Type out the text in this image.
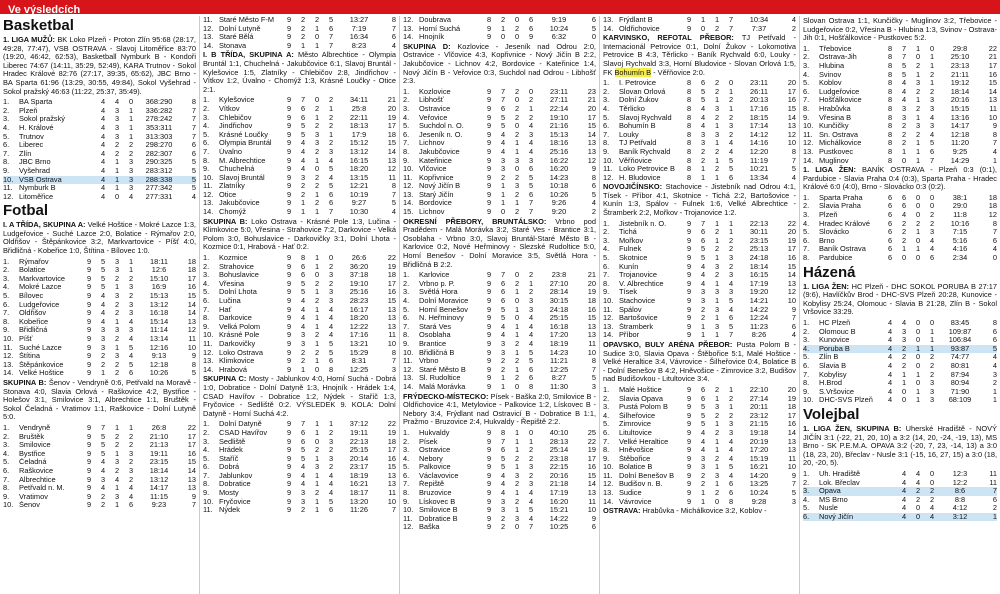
Ve výsledcích
Basketbal
1. LIGA MUŽŮ: BK Loko Plzeň - Proton Zlín 95:68 (28:17, 49:28, 77:47), VSB OSTRAVA - Slavoj Litoměřice 83:70 (19:20, 46:42, 62:53), Basketball Nymburk B - Kondoři Liberec 74:67 (14:11, 35:29, 52:49), KARA Trutnov - Sokol Hradec Králové 82:76 (27:17, 39:35, 65:62), JBC Brno - BA Sparta 61:96 (13:29, 30:55, 49:84), Sokol Vyšehrad - Sokol pražský 46:63 (11:22, 25:37, 35:49).
1.	BA Sparta	4	4	0	368:290	8
2.	Plzeň	4	3	1	336:282	7
3.	Sokol pražský	4	3	1	278:242	7
4.	H. Králové	4	3	1	353:311	7
5.	Trutnov	4	3	1	313:303	7
6.	Liberec	4	2	2	298:270	6
7.	Zlín	4	2	2	282:307	6
8.	JBC Brno	4	1	3	290:325	5
9.	Vyšehrad	4	1	3	283:312	5
10. VSB Ostrava	4	1	3	288:338	5
11. Nymburk B	4	1	3	277:342	5
12. Litoměřice	4	0	4	277:331	4
Fotbal
I. A TŘÍDA, SKUPINA A: Velké Hoštice - Mokré Lazce 1:3, Ludgeřovice - Suché Lazce 2:0, Bolatice - Rýmařov 2:0, Oldřišov - Štěpánkovice 3:2, Markvartovice - Píšť 4:0, Břidličná - Kobeřice 1:0, Štítina - Bílovec 1:0.
1.	Rýmařov	9	5	3	1	18:11	18
2.	Bolatice	9	5	3	1	12:6	18
3.	Markvartovice	9	5	2	2	15:10	17
4.	Mokré Lazce	9	5	1	3	16:9	16
5.	Bílovec	9	4	3	2	15:13	15
6.	Ludgeřovice	9	4	2	3	13:12	14
7.	Oldřišov	9	4	2	3	16:18	14
8.	Kobeřice	9	4	1	4	15:14	13
9.	Břidličná	9	3	3	3	11:14	12
10. Píšť	9	3	2	4	13:14	11
11. Suché Lazce	9	3	1	5	12:16	10
12. Štítina	9	2	3	4	9:13	9
13. Štěpánkovice	9	2	2	5	12:18	8
14. Velké Hoštice	9	1	2	6	10:26	5
SKUPINA B: Šenov - Vendryně 0:6, Petřvald na Moravě - Stonava 4:0, Slavia Orlová - Raškovice 4:2, Bystřice - Holešov 3:1, Smilovice 3:1, Albrechtice 1:1, Bruštěk - Sokol Čeladná - Vratimov 1:1, Raškovice - Dolní Lutyně 5:0.
1.	Vendryně	9	7	1	1	26:8	22
2.	Bruštěk	9	5	2	2	21:10	17
3.	Smilovice	9	5	2	2	21:13	17
4.	Bystřice	9	5	1	3	19:11	16
5.	Čeladná	9	4	3	2	23:15	15
6.	Raškovice	9	4	2	3	18:14	14
7.	Albrechtice	9	3	4	2	13:12	13
8.	Petřvald n. M.	9	4	1	4	14:17	13
9.	Vratimov	9	2	3	4	11:15	9
10. Šenov	9	2	1	6	9:23	7
11. Staré Město F-M	9	2	2	5	13:27	8
12. Dolní Lutyně	9	2	1	6	7:19	7
13. Staré Bělá	9	2	0	7	16:34	6
14. Stonava	9	1	1	7	8:23	4
I. B TŘÍDA, SKUPINA A: Město Albrechtice - Olympia Bruntál 1:1, Chuchelná - Jakubčovice 6:1, Slavoj Bruntál - Kylešovice 1:5, Zlatníky - Chlebičov 2:8, Jindřichov - Vítkov 1:2, Úvalno - Chomýž 1:3, Krásné Loučky - Otice 2:1.
1.	Kylešovice	9	7	0	2	34:11	21
2.	Vítkov	9	6	2	1	25:8	20
3.	Chlebičov	9	6	1	2	22:11	19
4.	Jindřichov	9	5	2	2	18:13	17
5.	Krásné Loučky	9	5	3	1	17:9	18
6.	Olympia Bruntál	9	4	3	2	15:12	15
7.	Úvalno	9	4	2	3	13:12	14
8.	M. Albrechtice	9	4	1	4	16:15	13
9.	Chuchelná	9	4	0	5	18:20	12
10. Slavoj Bruntál	9	3	2	4	13:15	11
11. Zlatníky	9	2	2	5	12:21	8
12. Otice	9	2	1	6	10:19	7
13. Jakubčovice	9	1	2	6	9:27	5
14. Chomýž	9	1	1	7	10:30	4
SKUPINA B: Loko Ostrava - Krásné Pole 1:3, Lučina - Klimkovice 5:0, Vřesina - Strahovice 7:2, Darkovice - Velká Polom 3:0, Bohuslavice - Darkovičky 3:1, Dolní Lhota - Kozmice 0:1, Hrabová - Hať 0:2.
1.	Kozmice	9	8	1	0	26:6	22
2.	Strahovice	9	6	1	2	36:20	19
3.	Bohuslavice	9	6	0	3	37:18	18
4.	Vřesina	9	5	2	2	19:10	17
5.	Dolní Lhota	9	5	1	3	25:16	16
6.	Lučina	9	4	2	3	28:23	15
7.	Hať	9	4	1	4	16:17	13
8.	Darkovice	9	4	1	4	18:20	13
9.	Velká Polom	9	4	1	4	12:22	13
10. Krásné Pole	9	3	2	4	17:16	11
11. Darkovičky	9	3	1	5	13:21	10
12. Loko Ostrava	9	2	2	5	15:29	8
13. Klimkovice	9	2	1	6	8:31	7
14. Hrabová	9	1	0	8	12:25	3
SKUPINA C: Mosty - Jablunkov 4:0, Horní Suchá - Dobrá 1:0, Dobratice - Dolní Datyně 1:3, Hnojník - Hrádek 1:4, CSAD Havířov - Dobratice 1:2, Nýdek - Staříč 1:3, Fryčovice - Sedliště 0:2. VÝSLEDEK 9. KOLA: Dolní Datyně - Horní Suchá 4:2.
1.	Dolní Datyně	9	7	1	1	37:12	22
2.	CSAD Havířov	9	6	1	2	19:11	19
3.	Sedliště	9	6	0	3	22:13	18
4.	Hrádek	9	5	2	2	25:15	17
5.	Staříč	9	5	1	3	20:14	16
6.	Dobrá	9	4	3	2	23:17	15
7.	Jablunkov	9	4	1	4	18:19	13
8.	Dobratice	9	4	1	4	16:21	13
9.	Mosty	9	3	2	4	18:17	11
10. Fryčovice	9	3	1	5	13:20	10
11. Nýdek	9	2	1	6	11:26	7
12. Doubrava	8	2	0	6	9:19	6
13. Horní Suchá	9	1	2	6	10:24	5
14. Hnojník	9	0	0	9	6:32	0
SKUPINA D: Kozlovice - Jeseník nad Odrou 2:0, Ostravice - Vlčovice 4:3, Kopřivnice - Nový Jičín B 2:2, Jakubčovice - Lichnov 4:2, Bordovice - Kateřinice 1:4, Nový Jičín B - Veřovice 0:3, Suchdol nad Odrou - Libhošť 2:3.
1.	Kozlovice	9	7	2	0	23:11	23
2.	Libhošť	9	7	0	2	27:11	21
3.	Ostravice	9	6	2	1	22:14	20
4.	Veřovice	9	5	2	2	19:10	17
5.	Suchdol n. O.	9	5	0	4	21:16	15
6.	Jeseník n. O.	9	4	2	3	15:13	14
7.	Lichnov	9	4	1	4	18:16	13
8.	Jakubčovice	9	4	1	4	25:16	13
9.	Kateřinice	9	3	3	3	16:22	12
10. Vlčovice	9	3	0	6	16:20	9
11. Kopřivnice	9	2	2	5	14:23	8
12. Nový Jičín B	9	1	3	5	10:18	6
13. Starý Jičín	9	1	2	6	10:26	5
14. Bordovice	9	1	1	7	9:26	4
15. Lichnov	9	0	2	7	9:20	2
OKRESNÍ PŘEBORY, BRUNTÁLSKO: Vrbno pod Pradědem - Malá Morávka 3:2, Staré Ves - Brantice 3:1, Osoblaha - Vrbno 3:0, Slavoj Bruntál-Staré Město B - Karlovice 0:2, Nové Heřminovy - Slezské Rudoltice 5:0, Horní Benešov - Dolní Moravice 3:5, Světlá Hora - Břidličná B 2:2.
1.	Karlovice	9	7	0	2	23:8	21
2.	Vrbno p. P.	9	6	2	1	27:10	20
3.	Světlá Hora	9	6	1	2	28:14	19
4.	Dolní Moravice	9	6	0	3	30:15	18
5.	Horní Benešov	9	5	1	3	24:18	16
6.	N. Heřminovy	9	5	0	4	25:15	15
7.	Stará Ves	9	4	1	4	16:18	13
8.	Osoblaha	9	4	1	4	17:20	13
9.	Brantice	9	3	2	4	18:19	11
10. Břidličná B	9	3	1	5	14:23	10
11. Vrbno	9	2	2	5	11:21	8
12. Staré Město B	9	2	1	6	12:25	7
13. Sl. Rudoltice	9	1	2	6	8:27	5
14. Malá Morávka	9	1	0	8	11:30	3
FRÝDECKO-MÍSTECKO: Písek - Baška 2:0, Smilovice B - Oldřichovice 4:1, Metylovice - Palkovice 1:2, Lískovec B - Nebory 3:4, Frýdlant nad Ostravicí B - Dobratice B 1:1, Pražmo - Bruzovice 2:4, Hukvaldy - Řepiště 2:2.
1.	Hukvaldy	9	8	1	0	40:10	25
2.	Písek	9	7	1	1	28:13	22
3.	Ostravice	9	6	1	2	25:14	19
4.	Nebory	9	5	2	2	23:18	17
5.	Palkovice	9	5	1	3	22:15	16
6.	Václavovice	9	4	3	2	20:16	15
7.	Řepiště	9	4	2	3	21:18	14
8.	Bruzovice	9	4	1	4	17:19	13
9.	Lískovec B	9	3	2	4	16:20	11
10. Smilovice B	9	3	1	5	15:21	10
11. Dobratice B	9	2	3	4	14:22	9
12. Baška	9	2	0	7	10:25	6
13. Frýdlant B	9	1	1	7	10:34	4
14. Oldřichovice	9	0	2	7	7:37	2
KARVINSKO, REFOTAL PŘEBOR: TJ Petřvald - Internacionál Petrovice 0:1, Dolní Žukov - Lokomotiva Petrovice B 4:3, Těrlicko - Baník Rychvald 6:0, Louky - Slavoj Rychvald 3:3, Horní Bludovice - Slovan Orlová 1:5, FK Bohumín B - Věřňovice 2:0.
1.	I. Petrovice	8	6	2	0	23:11	20
2.	Slovan Orlová	8	5	2	1	26:11	17
3.	Dolní Žukov	8	5	1	2	20:13	16
4.	Těrlicko	8	4	3	1	17:16	15
5.	Slavoj Rychvald	8	4	2	2	18:15	14
6.	Bohumín B	8	4	1	3	17:14	13
7.	Louky	8	3	3	2	14:12	12
8.	TJ Petřvald	8	3	1	4	14:16	10
9.	Baník Rychvald	8	2	2	4	12:20	8
10. Věřňovice	8	2	1	5	11:19	7
11. Loko Petrovice B	8	1	2	5	10:21	5
12. H. Bludovice	8	1	1	6	13:34	4
NOVOJIČÍNSKO: Stachovice - Jistebník nad Odrou 4:1, Tísek - Příbor 4:1, Skotnice - Tichá 2:2, Bartošovice - Kunín 1:3, Spálov - Fulnek 1:6, Velké Albrechtice - Štramberk 2:2, Mořkov - Trojanovice 1:2.
1.	Jistebník n. O.	9	7	1	1	22:13	22
2.	Tichá	9	6	2	1	30:11	20
3.	Mořkov	9	6	1	2	23:15	19
4.	Fulnek	9	5	2	2	25:13	17
5.	Skotnice	9	5	1	3	24:18	16
6.	Kunín	9	4	3	2	18:14	15
7.	Trojanovice	9	4	2	3	16:15	14
8.	V. Albrechtice	9	4	1	4	17:19	13
9.	Tísek	9	3	3	3	19:20	12
10. Stachovice	9	3	1	5	14:21	10
11. Spálov	9	2	3	4	14:22	9
12. Bartošovice	9	2	1	6	12:24	7
13. Štramberk	9	1	3	5	11:23	6
14. Příbor	9	1	1	7	8:26	4
OPAVSKO, BULY ARÉNA PŘEBOR: Pusta Polom B - Sudice 3:0, Slavia Opava - Štěbořice 5:1, Malé Hoštice - Velké Heraltice 3:4, Vávrovice - Šilheřovice 0:4, Bolatice B - Dolní Benešov B 4:2, Hněvošice - Zimrovice 3:2, Budišov nad Budišovkou - Litultovice 3:4.
1.	Malé Hoštice	9	6	2	1	22:10	20
2.	Slavia Opava	9	6	1	2	27:14	19
3.	Pustá Polom B	9	5	3	1	20:11	18
4.	Šilheřovice	9	5	2	2	23:12	17
5.	Zimrovice	9	5	1	3	21:15	16
6.	Litultovice	9	4	2	3	19:18	14
7.	Velké Heraltice	9	4	1	4	20:19	13
8.	Hněvošice	9	4	1	4	17:20	13
9.	Štěbořice	9	3	2	4	15:19	11
10. Bolatice B	9	3	1	5	16:21	10
11. Dolní Benešov B	9	2	3	4	14:20	9
12. Budišov n. B.	9	2	1	6	13:25	7
13. Sudice	9	1	2	6	10:24	5
14. Vávrovice	9	1	0	8	9:28	3
OSTRAVA: Hrabůvka - Michálkovice 3:2, Koblov -
Slovan Ostrava 1:1, Kunčičky - Muglinov 3:2, Třebovice - Ludgeřovice 0:2, Vřesina B - Hlubina 1:3, Svinov - Ostrava-Jih 0:1, Hošťálkovice - Pustkovec 5:2.
1.	Třebovice	8	7	1	0	29:8	22
2.	Ostrava-Jih	8	7	0	1	25:10	21
3.	Hlubina	8	5	2	1	23:13	17
4.	Svinov	8	5	1	2	21:11	16
5.	Koblov	8	4	3	1	19:12	15
6.	Ludgeřovice	8	4	2	2	18:14	14
7.	Hošťálkovice	8	4	1	3	20:16	13
8.	Hrabůvka	8	3	2	3	15:15	11
9.	Vřesina B	8	3	1	4	13:16	10
10. Kunčičky	8	2	3	3	14:17	9
11. Sn. Ostrava	8	2	2	4	12:18	8
12. Michálkovice	8	2	1	5	11:20	7
13. Pustkovec	8	1	1	6	9:25	4
14. Muglinov	8	0	1	7	14:29	1
1. LIGA ŽEN: BANÍK OSTRAVA - Plzeň 0:3 (0:1), Pardubice - Slavia Praha 0:4 (0:3), Sparta Praha - Hradec Králové 6:0 (4:0), Brno - Slovácko 0:3 (0:2).
1.	Sparta Praha	6	6	0	0	38:1	18
2.	Slavia Praha	6	6	0	0	29:0	18
3.	Plzeň	6	4	0	2	11:8	12
4.	Hradec Králové	6	2	2	2	10:16	8
5.	Slovácko	6	2	1	3	7:15	7
6.	Brno	6	2	0	4	5:16	6
7.	Baník Ostrava	6	1	1	4	4:16	4
8.	Pardubice	6	0	0	6	2:34	0
Házená
1. LIGA ŽEN: HC Plzeň - DHC SOKOL PORUBA B 27:17 (9:6), Havlíčkův Brod - DHC-SVS Plzeň 20:28, Kunovice - Kobylisy 25:24, Olomouc - Slavia B 21:28, Zlín B - Sokol Vršovice 33:29.
1.	HC Plzeň	4	4	0	0	83:45	8
2.	Olomouc B	4	3	0	1	109:87	6
3.	Kunovice	4	3	0	1	106:84	6
4.	Poruba B	4	2	1	1	93:87	5
5.	Zlín B	4	2	0	2	74:77	4
6.	Slavia B	4	2	0	2	80:81	4
7.	Kobylisy	4	1	1	2	87:94	3
8.	H.Brod	4	1	0	3	80:94	2
9.	S.Vršovice	4	0	1	3	71:90	1
10. DHC-SVS Plzeň	4	0	1	3	68:109	1
Volejbal
1. LIGA ŽEN, SKUPINA B: Uherské Hradiště - NOVÝ JIČÍN 3:1 (-22, 21, 20, 10) a 3:2 (14, 20, -24, -19, 13), MS Brno - SK P.E.M.A. OPAVA 3:2 (-20, 7, 23, -14, 13) a 3:0 (18, 23, 20), Břeclav - Nusle 3:1 (-15, 16, 27, 15) a 3:0 (18, 20, -20, 5).
1.	Uh. Hradiště	4	4	0	12:3	11
2.	Lok. Břeclav	4	4	0	12:2	11
3.	Opava	4	2	2	8:6	7
4.	MS Brno	4	2	2	8:8	6
5.	Nusle	4	0	4	4:12	2
6.	Nový Jičín	4	0	4	3:12	1
